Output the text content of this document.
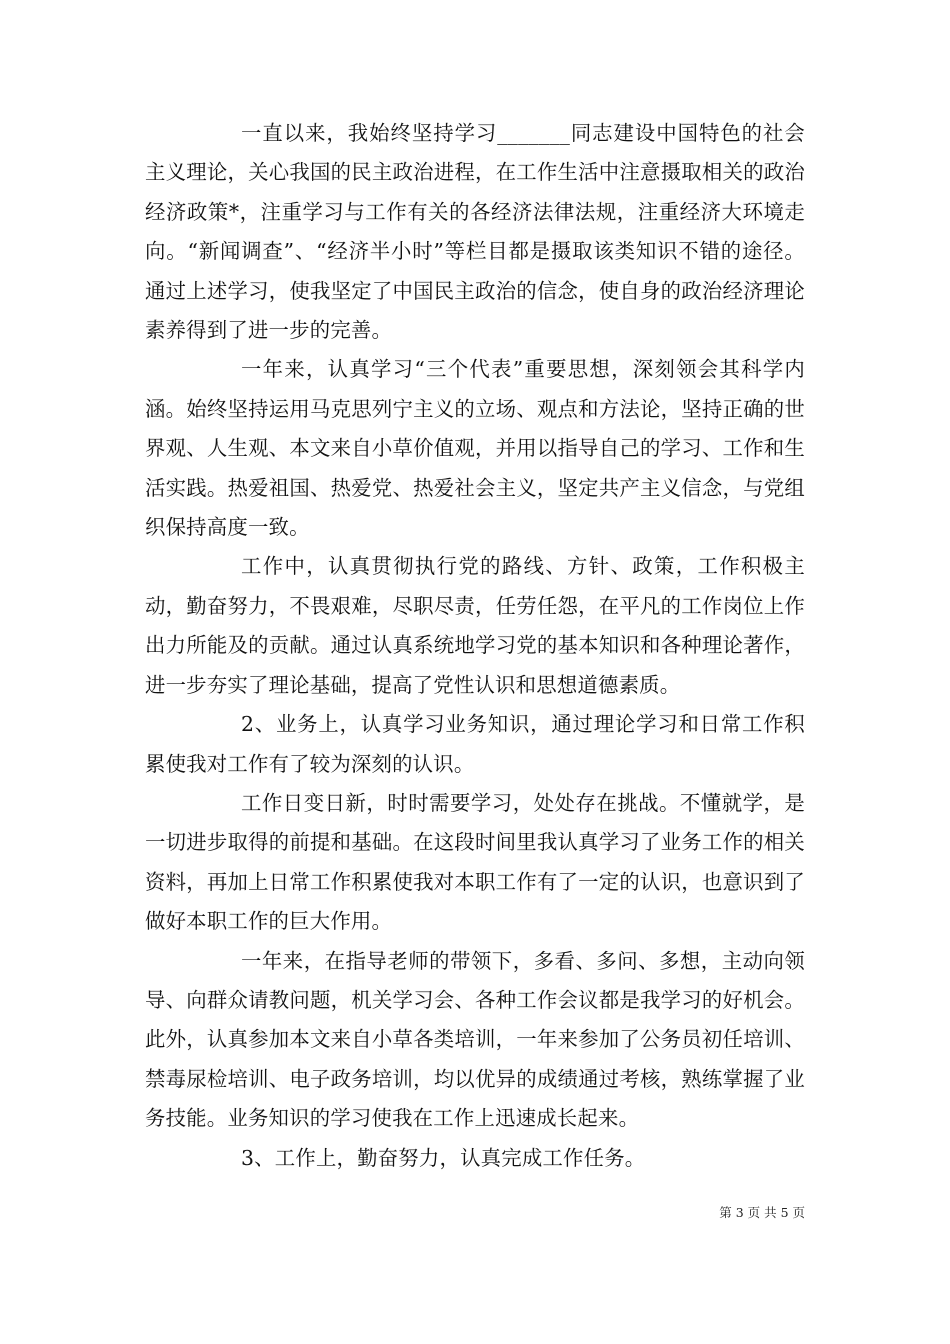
一直以来，我始终坚持学习_______同志建设中国特色的社会主义理论，关心我国的民主政治进程，在工作生活中注意摄取相关的政治经济政策*，注重学习与工作有关的各经济法律法规，注重经济大环境走向。“新闻调查”、“经济半小时”等栏目都是摄取该类知识不错的途径。通过上述学习，使我坚定了中国民主政治的信念，使自身的政治经济理论素养得到了进一步的完善。

一年来，认真学习“三个代表”重要思想，深刻领会其科学内涵。始终坚持运用马克思列宁主义的立场、观点和方法论，坚持正确的世界观、人生观、本文来自小草价值观，并用以指导自己的学习、工作和生活实践。热爱祖国、热爱党、热爱社会主义，坚定共产主义信念，与党组织保持高度一致。

工作中，认真贯彻执行党的路线、方针、政策，工作积极主动，勤奋努力，不畏艰难，尽职尽责，任劳任怨，在平凡的工作岗位上作出力所能及的贡献。通过认真系统地学习党的基本知识和各种理论著作，进一步夯实了理论基础，提高了党性认识和思想道德素质。

2、业务上，认真学习业务知识，通过理论学习和日常工作积累使我对工作有了较为深刻的认识。

工作日变日新，时时需要学习，处处存在挑战。不懂就学，是一切进步取得的前提和基础。在这段时间里我认真学习了业务工作的相关资料，再加上日常工作积累使我对本职工作有了一定的认识，也意识到了做好本职工作的巨大作用。

一年来，在指导老师的带领下，多看、多问、多想，主动向领导、向群众请教问题，机关学习会、各种工作会议都是我学习的好机会。此外，认真参加本文来自小草各类培训，一年来参加了公务员初任培训、禁毒尿检培训、电子政务培训，均以优异的成绩通过考核，熟练掌握了业务技能。业务知识的学习使我在工作上迅速成长起来。

3、工作上，勤奋努力，认真完成工作任务。

第 3 页 共 5 页
